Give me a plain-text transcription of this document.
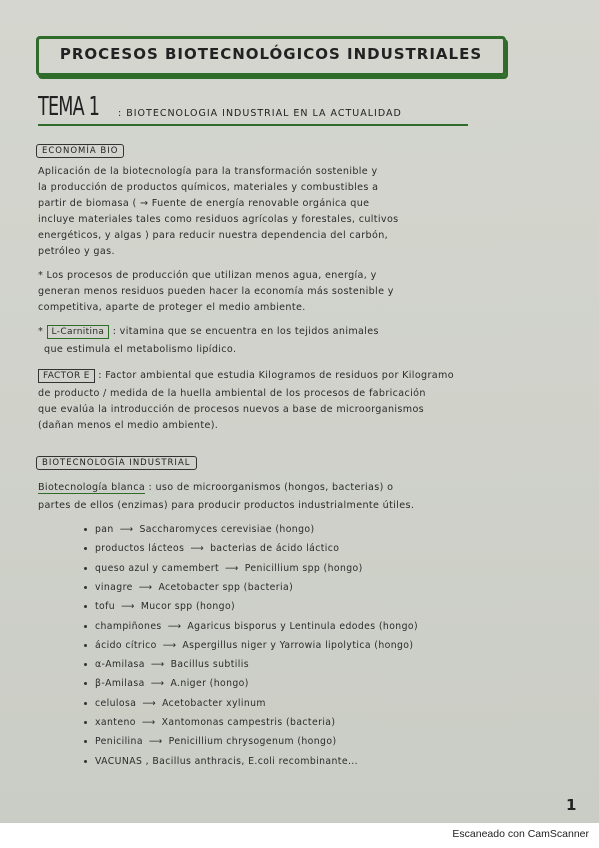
PROCESOS BIOTECNOLÓGICOS INDUSTRIALES
TEMA 1 : BIOTECNOLOGIA INDUSTRIAL EN LA ACTUALIDAD
ECONOMÍA BIO
Aplicación de la biotecnología para la transformación sostenible y
la producción de productos químicos, materiales y combustibles a
partir de biomasa ( → Fuente de energía renovable orgánica que
incluye materiales tales como residuos agrícolas y forestales, cultivos
energéticos, y algas ) para reducir nuestra dependencia del carbón,
petróleo y gas.
* Los procesos de producción que utilizan menos agua, energía, y
generan menos residuos pueden hacer la economía más sostenible y
competitiva, aparte de proteger el medio ambiente.
* L-Carnitina : vitamina que se encuentra en los tejidos animales
que estimula el metabolismo lipídico.
FACTOR E : Factor ambiental que estudia Kilogramos de residuos por Kilogramo
de producto / medida de la huella ambiental de los procesos de fabricación
que evalúa la introducción de procesos nuevos a base de microorganismos
(dañan menos el medio ambiente).
BIOTECNOLOGÍA INDUSTRIAL
Biotecnología blanca : uso de microorganismos (hongos, bacterias) o
partes de ellos (enzimas) para producir productos industrialmente útiles.
pan ⟶ Saccharomyces cerevisiae (hongo)
productos lácteos ⟶ bacterias de ácido láctico
queso azul y camembert ⟶ Penicillium spp (hongo)
vinagre ⟶ Acetobacter spp (bacteria)
tofu ⟶ Mucor spp (hongo)
champiñones ⟶ Agaricus bisporus y Lentinula edodes (hongo)
ácido cítrico ⟶ Aspergillus niger y Yarrowia lipolytica (hongo)
α-Amilasa ⟶ Bacillus subtilis
β-Amilasa ⟶ A.niger (hongo)
celulosa ⟶ Acetobacter xylinum
xanteno ⟶ Xantomonas campestris (bacteria)
Penicilina ⟶ Penicillium chrysogenum (hongo)
VACUNAS , Bacillus anthracis, E.coli recombinante...
1
Escaneado con CamScanner
